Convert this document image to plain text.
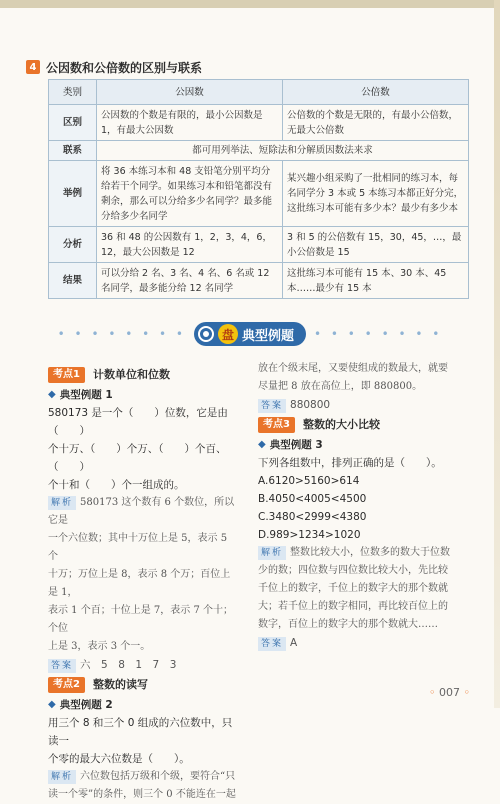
4 公因数和公倍数的区别与联系
类别	公因数	公倍数
区别	公因数的个数是有限的，最小公因数是1，有最大公因数	公倍数的个数是无限的，有最小公倍数，无最大公倍数
联系	都可用列举法、短除法和分解质因数法来求	
举例	将 36 本练习本和 48 支铅笔分别平均分给若干个同学。如果练习本和铅笔都没有剩余，那么可以分给多少名同学？最多能分给多少名同学	某兴趣小组采购了一批相同的练习本，每名同学分 3 本或 5 本练习本都正好分完，这批练习本可能有多少本？最少有多少本
分析	36 和 48 的公因数有 1，2，3，4，6，12，最大公因数是 12	3 和 5 的公倍数有 15，30，45，…，最小公倍数是 15
结果	可以分给 2 名、3 名、4 名、6 名或 12 名同学，最多能分给 12 名同学	这批练习本可能有 15 本、30 本、45 本……最少有 15 本
• • • • • • • •	盘 典型例题 • • • • • • • •
考点1	计数单位和位数
◆ 典型例题 1

580173 是一个（　　）位数，它是由（　　）

个十万、（　　）个万、（　　）个百、（　　）

个十和（　　）个一组成的。

解析 580173 这个数有 6 个数位，所以它是

一个六位数；其中十万位上是 5，表示 5 个

十万；万位上是 8，表示 8 个万；百位上是 1，

表示 1 个百；十位上是 7，表示 7 个十；个位

上是 3，表示 3 个一。

答案 六　5　8　1　7　3
考点2	整数的读写
◆ 典型例题 2

用三个 8 和三个 0 组成的六位数中，只读一

个零的最大六位数是（　　）。

解析 六位数包括万级和个级，要符合“只

读一个零”的条件，则三个 0 不能连在一起

放在个级末尾，又要使组成的数最大，就要

尽量把 8 放在高位上，即 880800。

答案 880800
考点3	整数的大小比较
◆ 典型例题 3
下列各组数中，排列正确的是（　　）。

A.6120>5160>614

B.4050<4005<4500

C.3480<2999<4380

D.989>1234>1020

解析 整数比较大小，位数多的数大于位数

少的数；四位数与四位数比较大小，先比较

千位上的数字，千位上的数字大的那个数就

大；若千位上的数字相同，再比较百位上的

数字，百位上的数字大的那个数就大……

答案 A
◦ 007 ◦
